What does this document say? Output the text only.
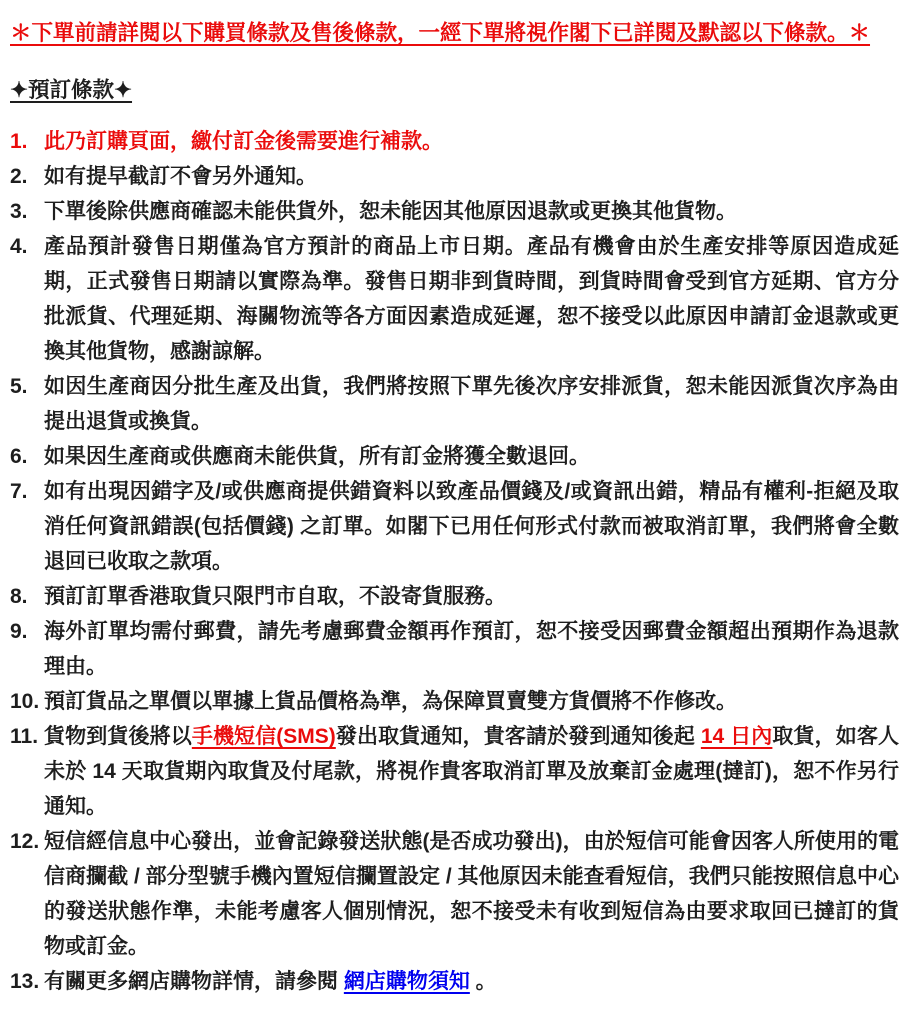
＊下單前請詳閱以下購買條款及售後條款，一經下單將視作閣下已詳閱及默認以下條款。＊
✦預訂條款✦
1. 此乃訂購頁面，繳付訂金後需要進行補款。
2. 如有提早截訂不會另外通知。
3. 下單後除供應商確認未能供貨外，恕未能因其他原因退款或更換其他貨物。
4. 產品預計發售日期僅為官方預計的商品上市日期。產品有機會由於生產安排等原因造成延期，正式發售日期請以實際為準。發售日期非到貨時間，到貨時間會受到官方延期、官方分批派貨、代理延期、海關物流等各方面因素造成延遲，恕不接受以此原因申請訂金退款或更換其他貨物，感謝諒解。
5. 如因生產商因分批生產及出貨，我們將按照下單先後次序安排派貨，恕未能因派貨次序為由提出退貨或換貨。
6. 如果因生產商或供應商未能供貨，所有訂金將獲全數退回。
7. 如有出現因錯字及/或供應商提供錯資料以致產品價錢及/或資訊出錯，精品有權利-拒絕及取消任何資訊錯誤(包括價錢) 之訂單。如閣下已用任何形式付款而被取消訂單，我們將會全數退回已收取之款項。
8. 預訂訂單香港取貨只限門市自取，不設寄貨服務。
9. 海外訂單均需付郵費，請先考慮郵費金額再作預訂，恕不接受因郵費金額超出預期作為退款理由。
10. 預訂貨品之單價以單據上貨品價格為準，為保障買賣雙方貨價將不作修改。
11. 貨物到貨後將以手機短信(SMS)發出取貨通知，貴客請於發到通知後起 14 日內取貨，如客人未於 14 天取貨期內取貨及付尾款，將視作貴客取消訂單及放棄訂金處理(撻訂)，恕不作另行通知。
12. 短信經信息中心發出，並會記錄發送狀態(是否成功發出)，由於短信可能會因客人所使用的電信商攔截 / 部分型號手機內置短信攔置設定 / 其他原因未能查看短信，我們只能按照信息中心的發送狀態作準，未能考慮客人個別情況，恕不接受未有收到短信為由要求取回已撻訂的貨物或訂金。
13. 有關更多網店購物詳情，請參閱 網店購物須知 。
